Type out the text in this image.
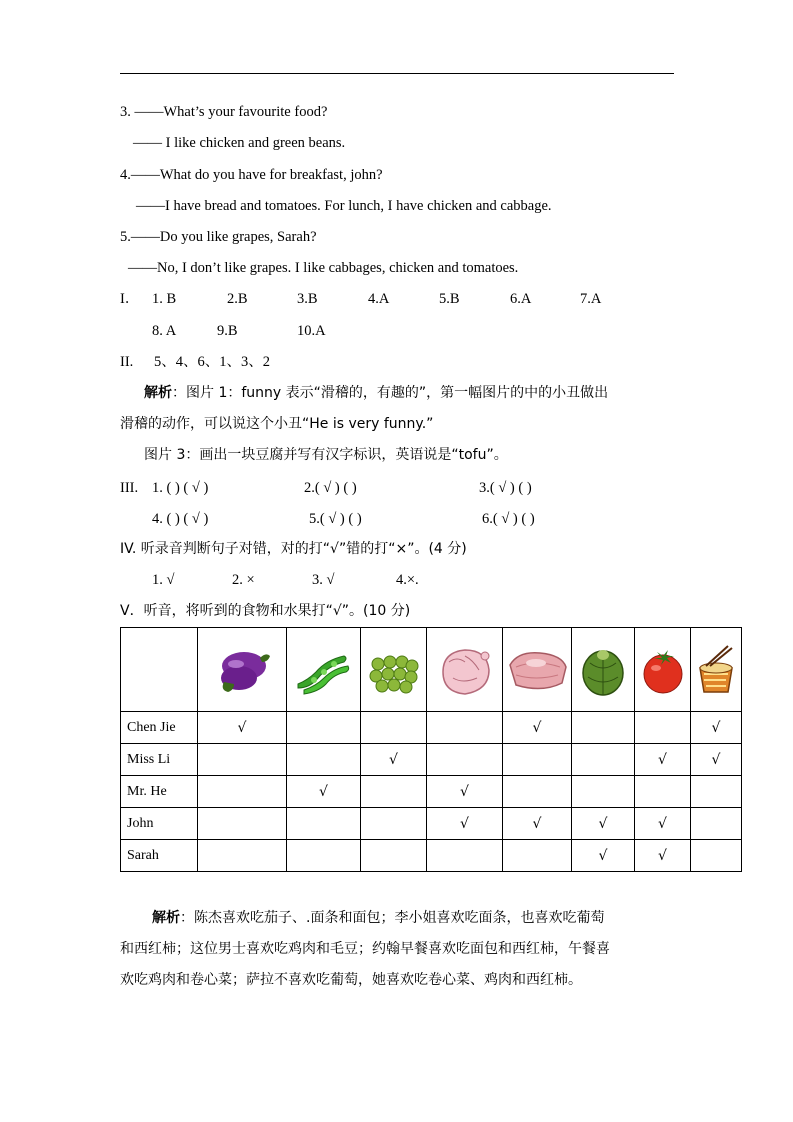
3. ――What’s your favourite food?
―― I like chicken and green beans.
4.――What do you have for breakfast, john?
――I have bread and tomatoes. For lunch, I have chicken and cabbage.
5.――Do you like grapes, Sarah?
――No, I don’t like grapes. I like cabbages, chicken and tomatoes.
I． 1. B	2.B	3.B	4.A	5.B	6.A	7.A
8. A	9.B	10.A
II. 5、4、6、1、3、2
解析：图片 1：funny 表示“滑稽的，有趣的”，第一幅图片的中的小丑做出
滑稽的动作，可以说这个小丑“He is very funny.”
图片 3：画出一块豆腐并写有汉字标识，英语说是“tofu”。
III. 1. ( ) ( √ )	2.( √ ) ( )	3.( √ ) ( )
4. ( ) ( √ )	5.( √ ) ( )	6.( √ ) ( )
IV. 听录音判断句子对错，对的打“√”错的打“×”。(4 分)
1. √	2. ×	3. √	4.×.
V．听音，将听到的食物和水果打“√”。(10 分)

Chen Jie	√				√			√
Miss Li			√				√	√
Mr. He		√		√				
John				√	√	√	√	
Sarah						√	√	
解析：陈杰喜欢吃茄子、.面条和面包；李小姐喜欢吃面条，也喜欢吃葡萄
和西红柿；这位男士喜欢吃鸡肉和毛豆；约翰早餐喜欢吃面包和西红柿，午餐喜
欢吃鸡肉和卷心菜；萨拉不喜欢吃葡萄，她喜欢吃卷心菜、鸡肉和西红柿。
